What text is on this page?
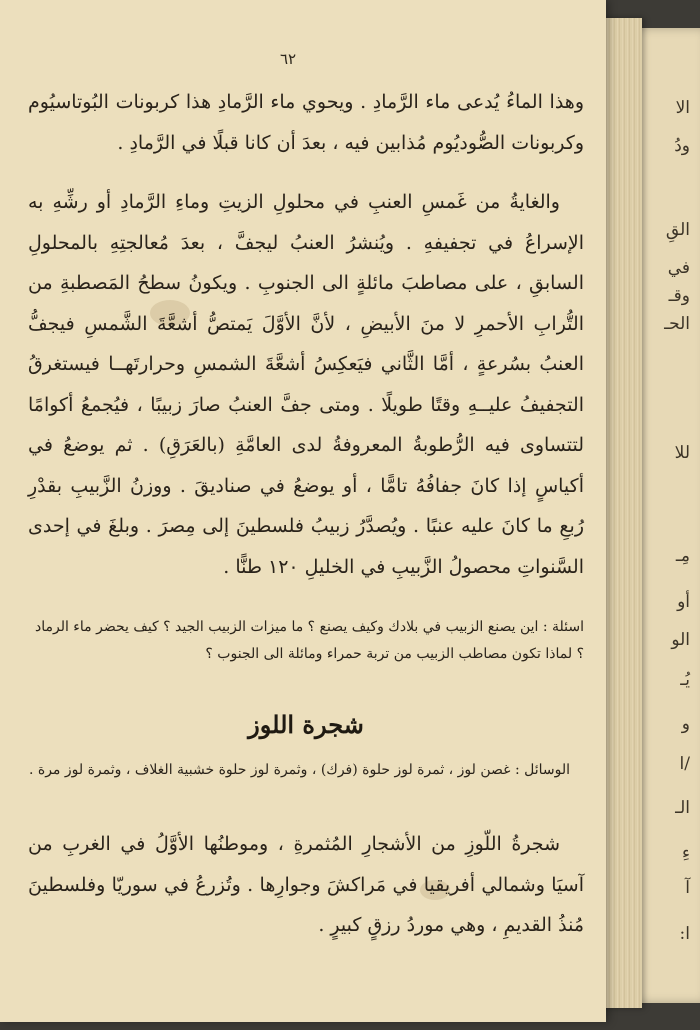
الا
ودُ
القِ
في
وقـ
الحـ
للا
مِـ
أو
الو
يُـ
و
/ا
الـ
ءِ
آ
ا:
٦٢

وهذا الماءُ يُدعى ماء الرَّمادِ . ويحوي ماء الرَّمادِ هذا كربونات البُوتاسيُوم وكربونات الصُّوديُوم مُذابين فيه ، بعدَ أن كانا قبلًا في الرَّمادِ .

والغايةُ من غَمسِ العنبِ في محلولِ الزيتِ وماءِ الرَّمادِ أو رشِّهِ به الإسراعُ في تجفيفهِ . ويُنشرُ العنبُ ليجفَّ ، بعدَ مُعالجتِهِ بالمحلولِ السابقِ ، على مصاطبَ مائلةٍ الى الجنوبِ . ويكونُ سطحُ المَصطبةِ من التُّرابِ الأحمرِ لا منَ الأبيضِ ، لأنَّ الأوَّلَ يَمتصُّ أشعَّةَ الشَّمسِ فيجفُّ العنبُ بسُرعةٍ ، أمَّا الثَّاني فيَعكِسُ أشعَّةَ الشمسِ وحرارتَهــا فيستغرقُ التجفيفُ عليــهِ وقتًا طويلًا . ومتى جفَّ العنبُ صارَ زبيبًا ، فيُجمعُ أكوامًا لتتساوى فيه الرُّطوبةُ المعروفةُ لدى العامَّةِ (بالعَرَقِ) . ثم يوضعُ في أكياسٍ إذا كانَ جفافُهُ تامًّا ، أو يوضعُ في صناديقَ . ووزنُ الزَّبيبِ بقدْرِ رُبعِ ما كانَ عليه عنبًا . ويُصدَّرُ زبيبُ فلسطينَ إلى مِصرَ . وبلغَ في إحدى السَّنواتِ محصولُ الزَّبيبِ في الخليلِ ١٢٠ طنًّا .

اسئلة : اين يصنع الزبيب في بلادك وكيف يصنع ؟ ما ميزات الزبيب الجيد ؟ كيف يحضر ماء الرماد ؟ لماذا تكون مصاطب الزبيب من تربة حمراء ومائلة الى الجنوب ؟

شجرة اللوز

الوسائل : غصن لوز ، ثمرة لوز حلوة (فرك) ، وثمرة لوز حلوة خشبية الغلاف ، وثمرة لوز مرة .

شجرةُ اللّوزِ من الأشجارِ المُثمرةِ ، وموطنُها الأوَّلُ في الغربِ من آسيَا وشمالي أفريقيا في مَراكشَ وجوارِها . وتُزرعُ في سوريّا وفلسطينَ مُنذُ القديمِ ، وهي موردُ رزقٍ كبيرٍ .
